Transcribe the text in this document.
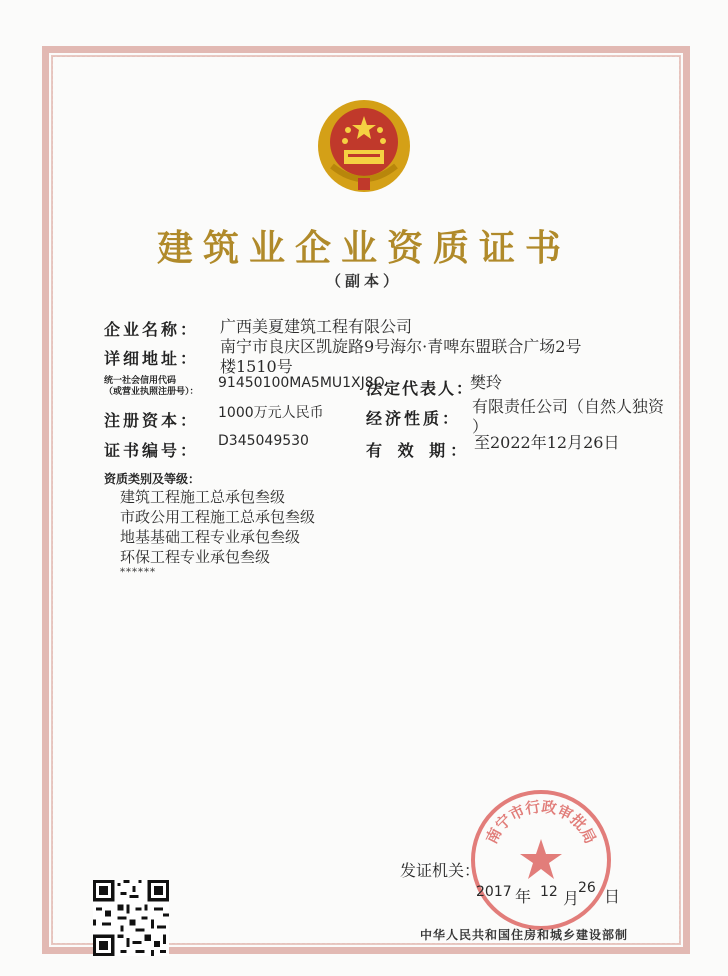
建筑业企业资质证书
（副本）
企业名称： 广西美夏建筑工程有限公司
详细地址：
南宁市良庆区凯旋路9号海尔·青啤东盟联合广场2号
楼1510号
统一社会信用代码
（或营业执照注册号）：
91450100MA5MU1XJ8Q
法定代表人：
樊玲
注册资本： 1000万元人民币	经济性质：
有限责任公司（自然人独资
）
证书编号： D345049530	有 效 期： 至2022年12月26日
资质类别及等级：
建筑工程施工总承包叁级
市政公用工程施工总承包叁级
地基基础工程专业承包叁级
环保工程专业承包叁级
******
南宁市行政审批局
发证机关：
2017 年 12 月
26 日
中华人民共和国住房和城乡建设部制
